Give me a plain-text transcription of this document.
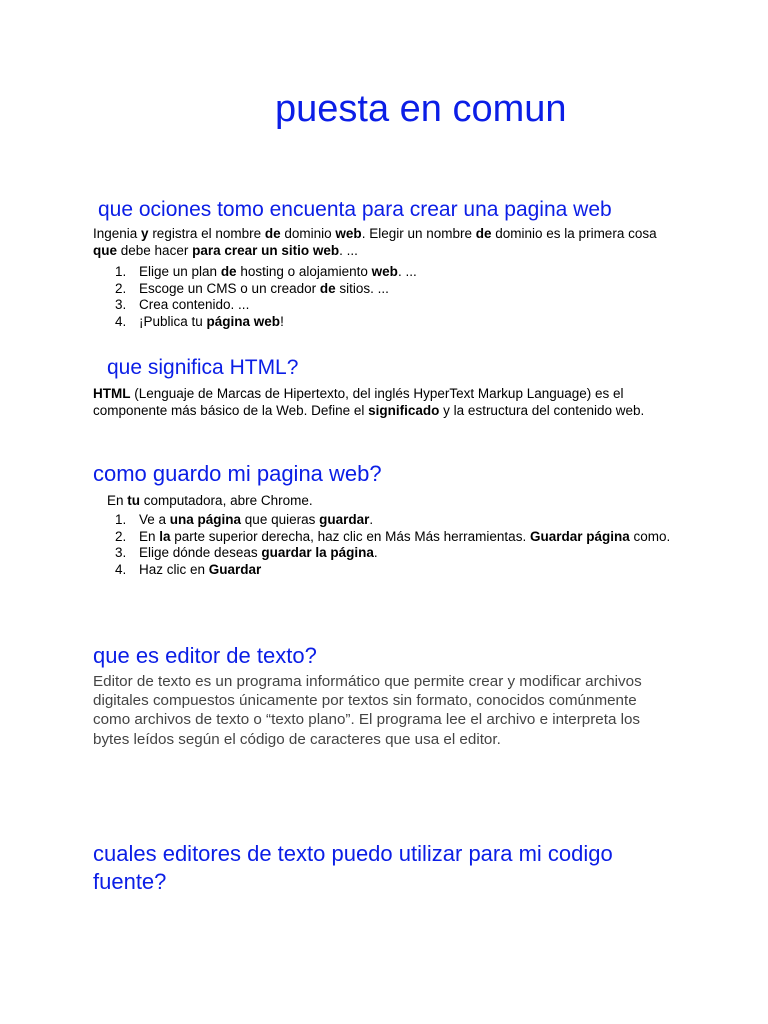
puesta en comun
que ociones tomo encuenta para crear una pagina web

Ingenia y registra el nombre de dominio web. Elegir un nombre de dominio es la primera cosa que debe hacer para crear un sitio web. ...

1. Elige un plan de hosting o alojamiento web. ...
2. Escoge un CMS o un creador de sitios. ...
3. Crea contenido. ...
4. ¡Publica tu página web!
que significa HTML?

HTML (Lenguaje de Marcas de Hipertexto, del inglés HyperText Markup Language) es el componente más básico de la Web. Define el significado y la estructura del contenido web.

como guardo mi pagina web?

En tu computadora, abre Chrome.

1. Ve a una página que quieras guardar.
2. En la parte superior derecha, haz clic en Más Más herramientas. Guardar página como.
3. Elige dónde deseas guardar la página.
4. Haz clic en Guardar
que es editor de texto?

Editor de texto es un programa informático que permite crear y modificar archivos digitales compuestos únicamente por textos sin formato, conocidos comúnmente como archivos de texto o “texto plano”. El programa lee el archivo e interpreta los bytes leídos según el código de caracteres que usa el editor.

cuales editores de texto puedo utilizar para mi codigo fuente?
